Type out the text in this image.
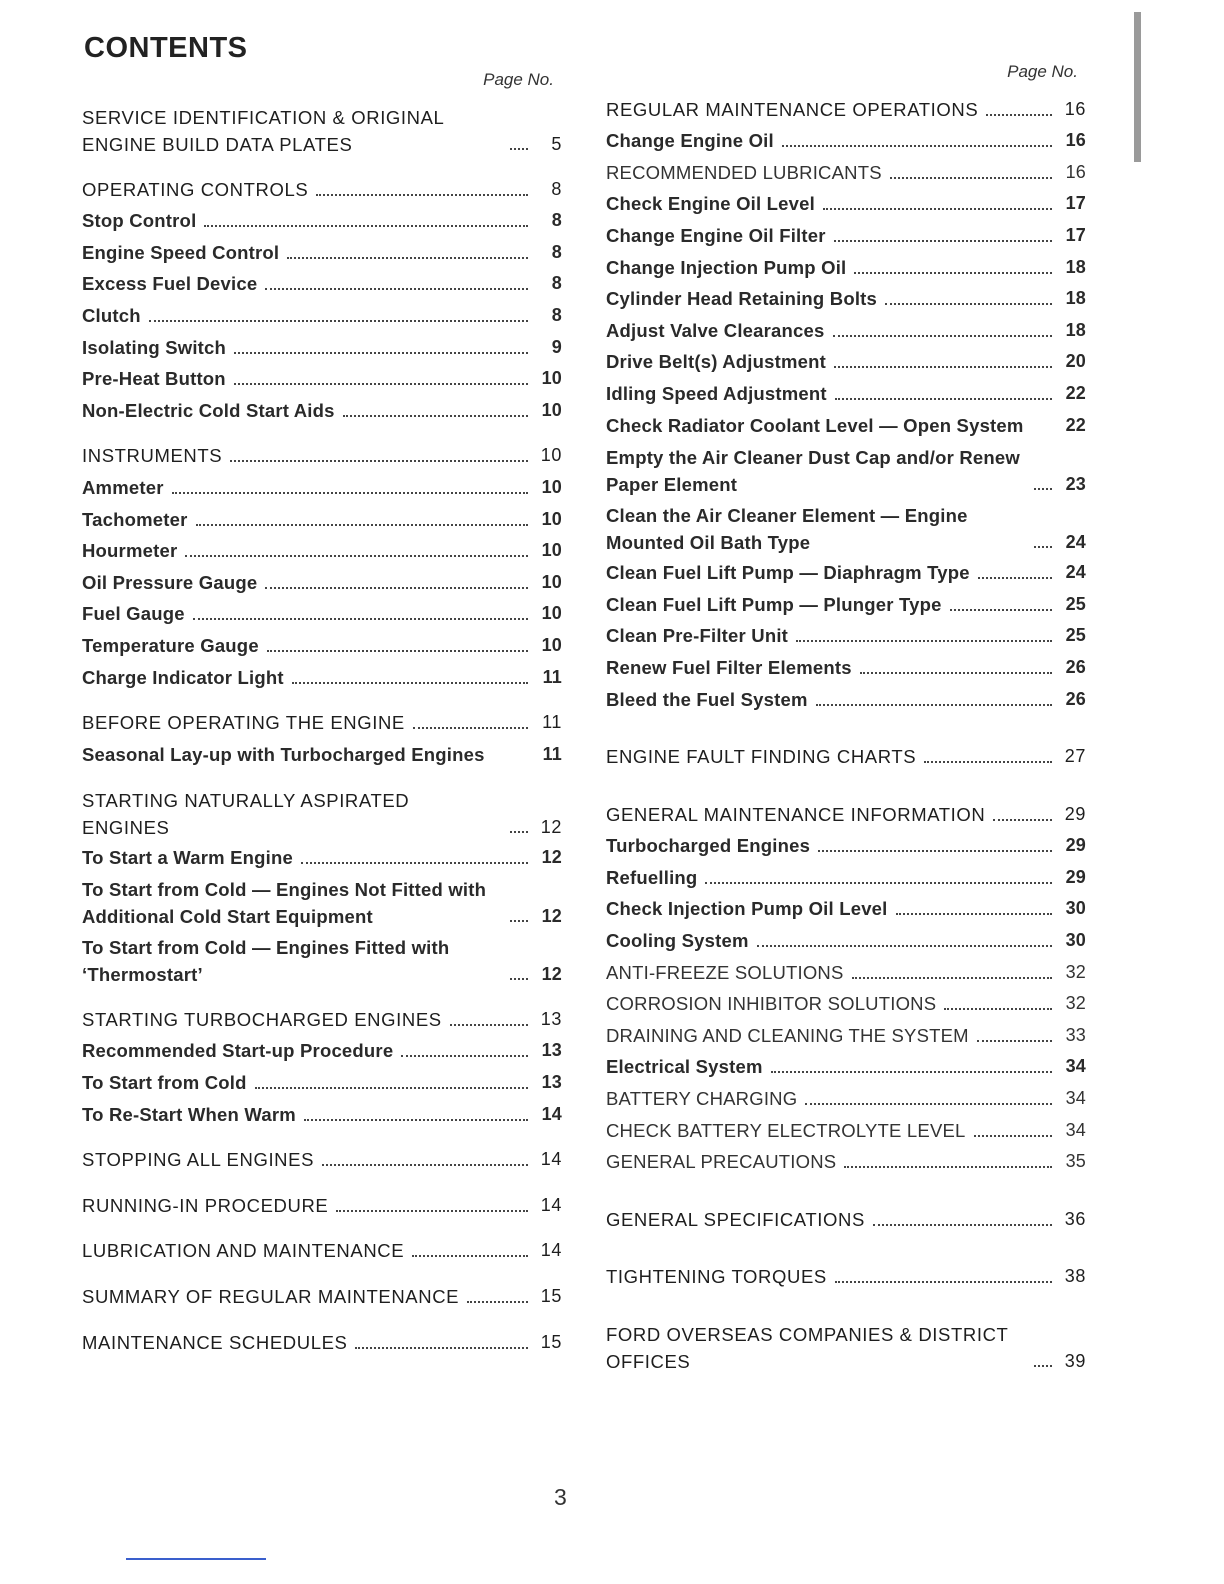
CONTENTS
Page No.
SERVICE IDENTIFICATION & ORIGINAL ENGINE BUILD DATA PLATES	5
OPERATING CONTROLS	8
Stop Control	8
Engine Speed Control	8
Excess Fuel Device	8
Clutch	8
Isolating Switch	9
Pre-Heat Button	10
Non-Electric Cold Start Aids	10
INSTRUMENTS	10
Ammeter	10
Tachometer	10
Hourmeter	10
Oil Pressure Gauge	10
Fuel Gauge	10
Temperature Gauge	10
Charge Indicator Light	11
BEFORE OPERATING THE ENGINE	11
Seasonal Lay-up with Turbocharged Engines	11
STARTING NATURALLY ASPIRATED ENGINES	12
To Start a Warm Engine	12
To Start from Cold — Engines Not Fitted with Additional Cold Start Equipment	12
To Start from Cold — Engines Fitted with ‘Thermostart’	12
STARTING TURBOCHARGED ENGINES	13
Recommended Start-up Procedure	13
To Start from Cold	13
To Re-Start When Warm	14
STOPPING ALL ENGINES	14
RUNNING-IN PROCEDURE	14
LUBRICATION AND MAINTENANCE	14
SUMMARY OF REGULAR MAINTENANCE	15
MAINTENANCE SCHEDULES	15
Page No.
REGULAR MAINTENANCE OPERATIONS	16
Change Engine Oil	16
RECOMMENDED LUBRICANTS	16
Check Engine Oil Level	17
Change Engine Oil Filter	17
Change Injection Pump Oil	18
Cylinder Head Retaining Bolts	18
Adjust Valve Clearances	18
Drive Belt(s) Adjustment	20
Idling Speed Adjustment	22
Check Radiator Coolant Level — Open System	22
Empty the Air Cleaner Dust Cap and/or Renew Paper Element	23
Clean the Air Cleaner Element — Engine Mounted Oil Bath Type	24
Clean Fuel Lift Pump — Diaphragm Type	24
Clean Fuel Lift Pump — Plunger Type	25
Clean Pre-Filter Unit	25
Renew Fuel Filter Elements	26
Bleed the Fuel System	26
ENGINE FAULT FINDING CHARTS	27
GENERAL MAINTENANCE INFORMATION	29
Turbocharged Engines	29
Refuelling	29
Check Injection Pump Oil Level	30
Cooling System	30
ANTI-FREEZE SOLUTIONS	32
CORROSION INHIBITOR SOLUTIONS	32
DRAINING AND CLEANING THE SYSTEM	33
Electrical System	34
BATTERY CHARGING	34
CHECK BATTERY ELECTROLYTE LEVEL	34
GENERAL PRECAUTIONS	35
GENERAL SPECIFICATIONS	36
TIGHTENING TORQUES	38
FORD OVERSEAS COMPANIES & DISTRICT OFFICES	39
3
